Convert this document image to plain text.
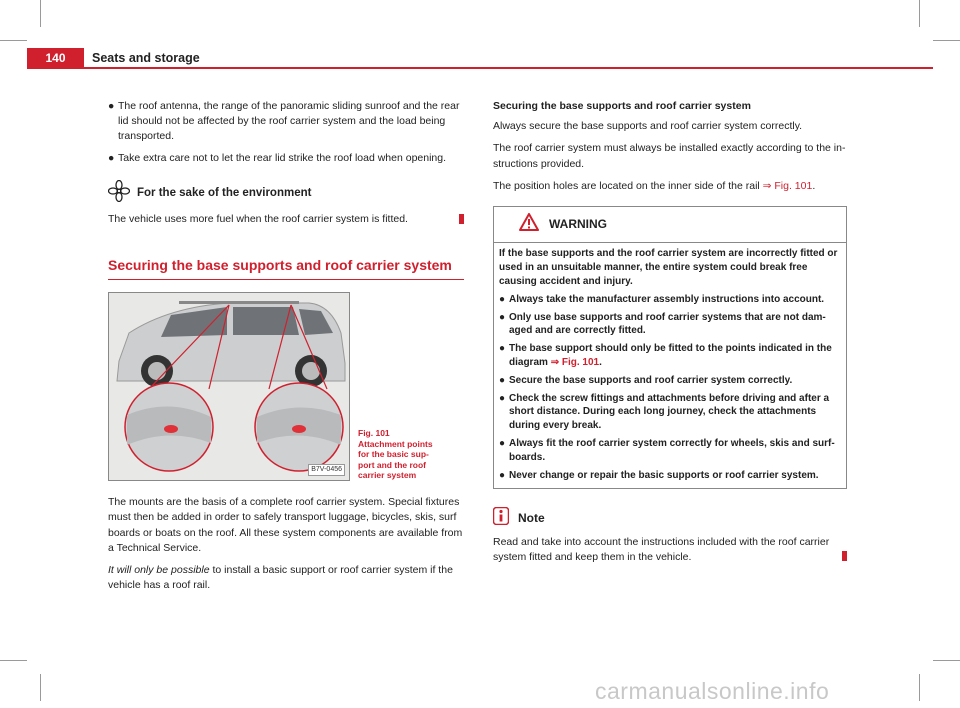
140	Seats and storage

● The roof antenna, the range of the panoramic sliding sunroof and the rear lid should not be affected by the roof carrier system and the load being transported.

● Take extra care not to let the rear lid strike the roof load when opening.

For the sake of the environment

The vehicle uses more fuel when the roof carrier system is fitted.

Securing the base supports and roof carrier system
B7V-0456
Fig. 101 Attachment points for the basic sup-port and the roof carrier system

The mounts are the basis of a complete roof carrier system. Special fixtures must then be added in order to safely transport luggage, bicycles, skis, surf boards or boats on the roof. All these system components are available from a Technical Service.

It will only be possible to install a basic support or roof carrier system if the vehicle has a roof rail.

Securing the base supports and roof carrier system

Always secure the base supports and roof carrier system correctly.

The roof carrier system must always be installed exactly according to the in-structions provided.

The position holes are located on the inner side of the rail ⇒ Fig. 101.

WARNING

If the base supports and the roof carrier system are incorrectly fitted or used in an unsuitable manner, the entire system could break free causing accident and injury.

● Always take the manufacturer assembly instructions into account.

● Only use base supports and roof carrier systems that are not dam-aged and are correctly fitted.

● The base support should only be fitted to the points indicated in the diagram ⇒ Fig. 101.

● Secure the base supports and roof carrier system correctly.

● Check the screw fittings and attachments before driving and after a short distance. During each long journey, check the attachments during every break.

● Always fit the roof carrier system correctly for wheels, skis and surf-boards.

● Never change or repair the basic supports or roof carrier system.

Note

Read and take into account the instructions included with the roof carrier system fitted and keep them in the vehicle.

carmanualsonline.info
